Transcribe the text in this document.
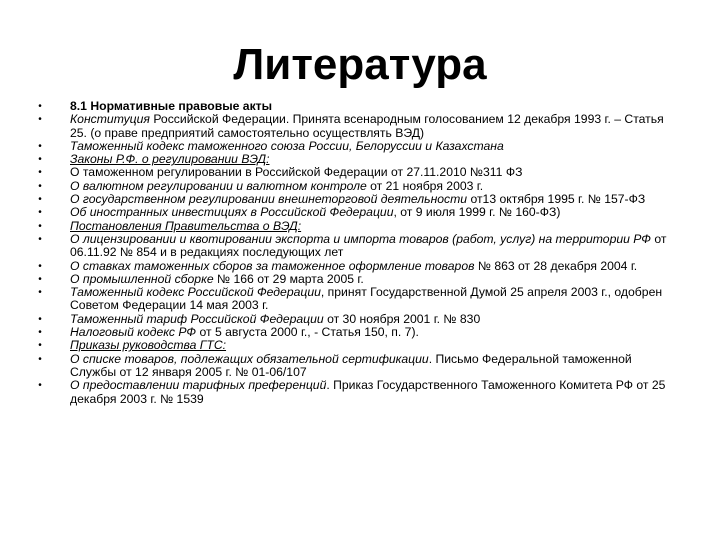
Литература
• 8.1 Нормативные правовые акты
• Конституция Российской Федерации. Принята всенародным голосованием 12 декабря 1993 г. – Статья 25. (о праве предприятий самостоятельно осуществлять ВЭД)
• Таможенный кодекс таможенного союза России, Белоруссии и Казахстана
• Законы Р.Ф. о регулировании ВЭД:
• О таможенном регулировании в Российской Федерации от 27.11.2010 №311 ФЗ
• О валютном регулировании и валютном контроле от 21 ноября 2003 г.
• О государственном регулировании внешнеторговой деятельности от13 октября 1995 г. № 157-ФЗ
• Об иностранных инвестициях в Российской Федерации, от 9 июля 1999 г. № 160-ФЗ)
• Постановления Правительства о ВЭД:
• О лицензировании и квотировании экспорта и импорта товаров (работ, услуг) на территории РФ от 06.11.92 № 854 и в редакциях последующих лет
• О ставках таможенных сборов за таможенное оформление товаров № 863 от 28 декабря 2004 г.
• О промышленной сборке № 166 от 29 марта 2005 г.
• Таможенный кодекс Российской Федерации, принят Государственной Думой 25 апреля 2003 г., одобрен Советом Федерации 14 мая 2003 г.
• Таможенный тариф Российской Федерации от 30 ноября 2001 г. № 830
• Налоговый кодекс РФ от 5 августа 2000 г., - Статья 150, п. 7).
• Приказы руководства ГТС:
• О списке товаров, подлежащих обязательной сертификации. Письмо Федеральной таможенной Службы от 12 января 2005 г. № 01-06/107
• О предоставлении тарифных преференций. Приказ Государственного Таможенного Комитета РФ от 25 декабря 2003 г. № 1539
